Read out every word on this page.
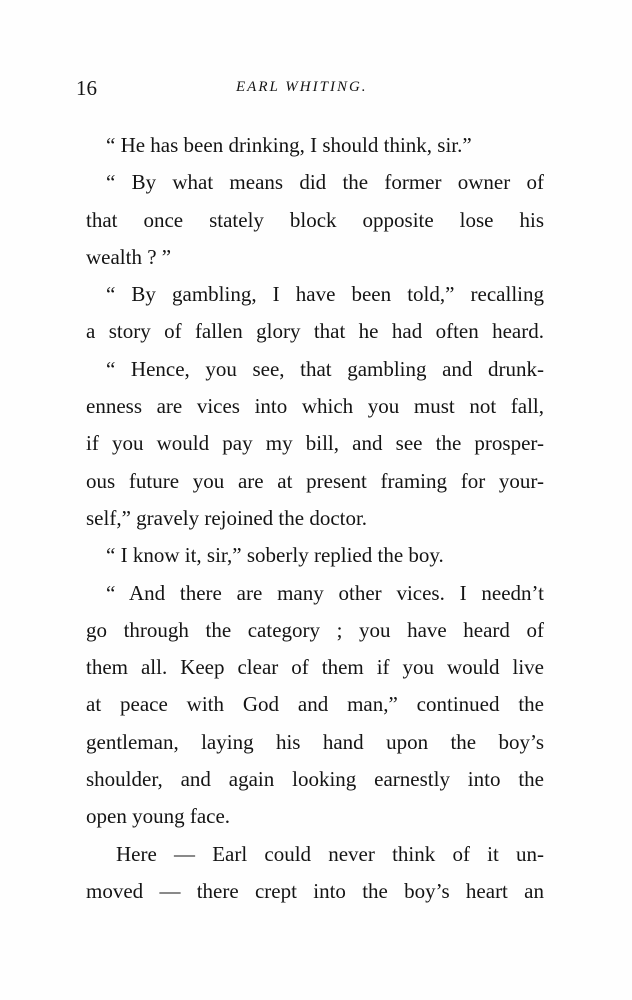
16	EARL WHITING.
“ He has been drinking, I should think, sir.”
“ By what means did the former owner of
that once stately block opposite lose his
wealth ? ”
“ By gambling, I have been told,” recalling
a story of fallen glory that he had often heard.
“ Hence, you see, that gambling and drunk-
enness are vices into which you must not fall,
if you would pay my bill, and see the prosper-
ous future you are at present framing for your-
self,” gravely rejoined the doctor.
“ I know it, sir,” soberly replied the boy.
“ And there are many other vices. I needn’t
go through the category ; you have heard of
them all. Keep clear of them if you would live
at peace with God and man,” continued the
gentleman, laying his hand upon the boy’s
shoulder, and again looking earnestly into the
open young face.
Here — Earl could never think of it un-
moved — there crept into the boy’s heart an
